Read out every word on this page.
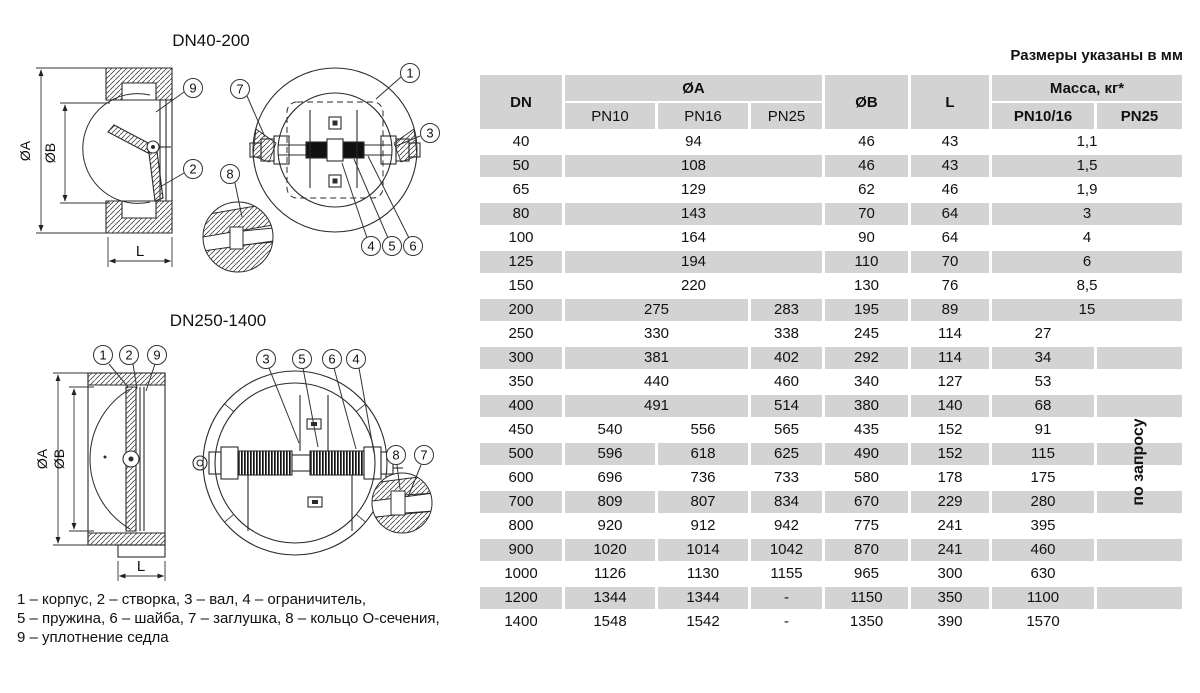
DN40-200
DN250-1400
ØA ØB
L
9
2
1
7
3
8
4 5 6
ØA ØB
L
1 2 9	3 5 6 4
8 7
Размеры указаны в мм
DN	ØA			ØB	L	Масса, кг*	
	PN10	PN16	PN25			PN10/16	PN25
40	94			46	43	1,1	
50	108			46	43	1,5	
65	129			62	46	1,9	
80	143			70	64	3	
100	164			90	64	4	
125	194			110	70	6	
150	220			130	76	8,5	
200	275		283	195	89	15	
250	330		338	245	114	27	
300	381		402	292	114	34	
350	440		460	340	127	53	
400	491		514	380	140	68	
450	540	556	565	435	152	91	
500	596	618	625	490	152	115	
600	696	736	733	580	178	175	
700	809	807	834	670	229	280	
800	920	912	942	775	241	395	
900	1020	1014	1042	870	241	460	
1000	1126	1130	1155	965	300	630	
1200	1344	1344	-	1150	350	1100	
1400	1548	1542	-	1350	390	1570	
по запросу
1 – корпус, 2 – створка, 3 – вал, 4 – ограничитель,
5 – пружина, 6 – шайба, 7 – заглушка, 8 – кольцо О-сечения,
9 – уплотнение седла
